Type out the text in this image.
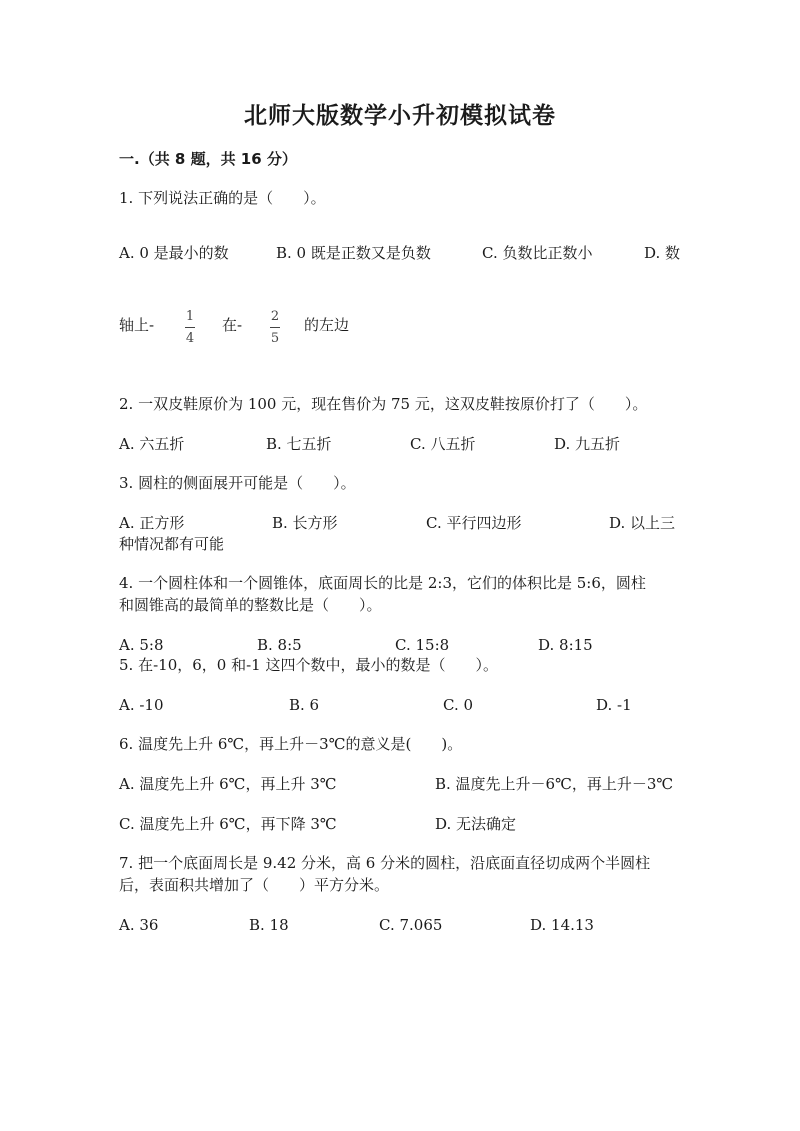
北师大版数学小升初模拟试卷
一.（共 8 题，共 16 分）
1. 下列说法正确的是（　　）。
A. 0 是最小的数	B. 0 既是正数又是负数	C. 负数比正数小	D. 数
轴上- 1
4
在- 2
5
的左边
2. 一双皮鞋原价为 100 元，现在售价为 75 元，这双皮鞋按原价打了（　　）。
A. 六五折	B. 七五折	C. 八五折	D. 九五折
3. 圆柱的侧面展开可能是（　　）。
A. 正方形	B. 长方形	C. 平行四边形	D. 以上三
种情况都有可能
4. 一个圆柱体和一个圆锥体，底面周长的比是 2:3，它们的体积比是 5:6，圆柱
和圆锥高的最简单的整数比是（　　）。
A. 5:8	B. 8:5	C. 15:8	D. 8:15
5. 在-10，6，0 和-1 这四个数中，最小的数是（　　）。
A. -10	B. 6	C. 0	D. -1
6. 温度先上升 6℃，再上升－3℃的意义是(　　)。
A. 温度先上升 6℃，再上升 3℃	B. 温度先上升－6℃，再上升－3℃
C. 温度先上升 6℃，再下降 3℃	D. 无法确定
7. 把一个底面周长是 9.42 分米，高 6 分米的圆柱，沿底面直径切成两个半圆柱
后，表面积共增加了（　　）平方分米。
A. 36	B. 18	C. 7.065	D. 14.13
